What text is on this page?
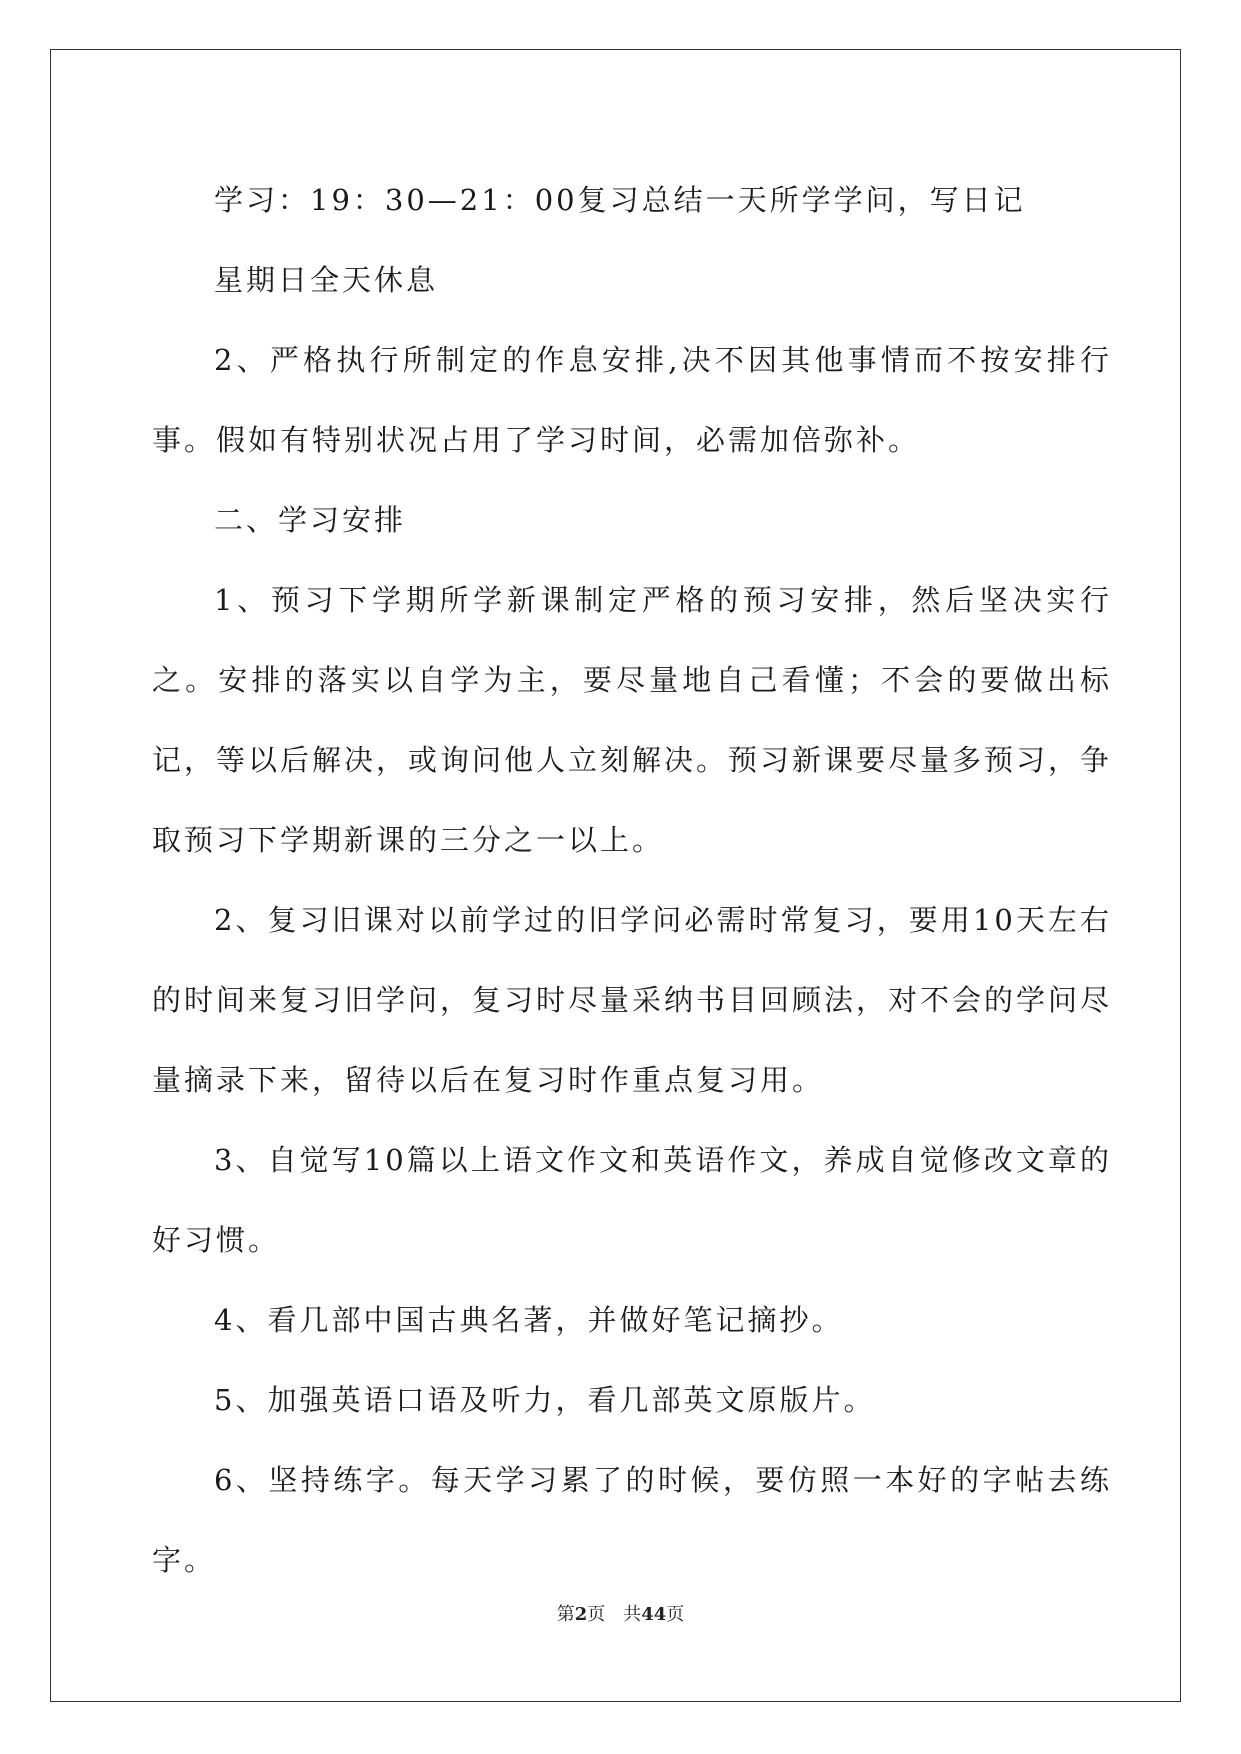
学习：19：30—21：00复习总结一天所学学问，写日记

星期日全天休息

2、严格执行所制定的作息安排,决不因其他事情而不按安排行事。假如有特别状况占用了学习时间，必需加倍弥补。

二、学习安排

1、预习下学期所学新课制定严格的预习安排，然后坚决实行之。安排的落实以自学为主，要尽量地自己看懂；不会的要做出标记，等以后解决，或询问他人立刻解决。预习新课要尽量多预习，争取预习下学期新课的三分之一以上。

2、复习旧课对以前学过的旧学问必需时常复习，要用10天左右的时间来复习旧学问，复习时尽量采纳书目回顾法，对不会的学问尽量摘录下来，留待以后在复习时作重点复习用。

3、自觉写10篇以上语文作文和英语作文，养成自觉修改文章的好习惯。

4、看几部中国古典名著，并做好笔记摘抄。

5、加强英语口语及听力，看几部英文原版片。

6、坚持练字。每天学习累了的时候，要仿照一本好的字帖去练字。

第2页 共44页
